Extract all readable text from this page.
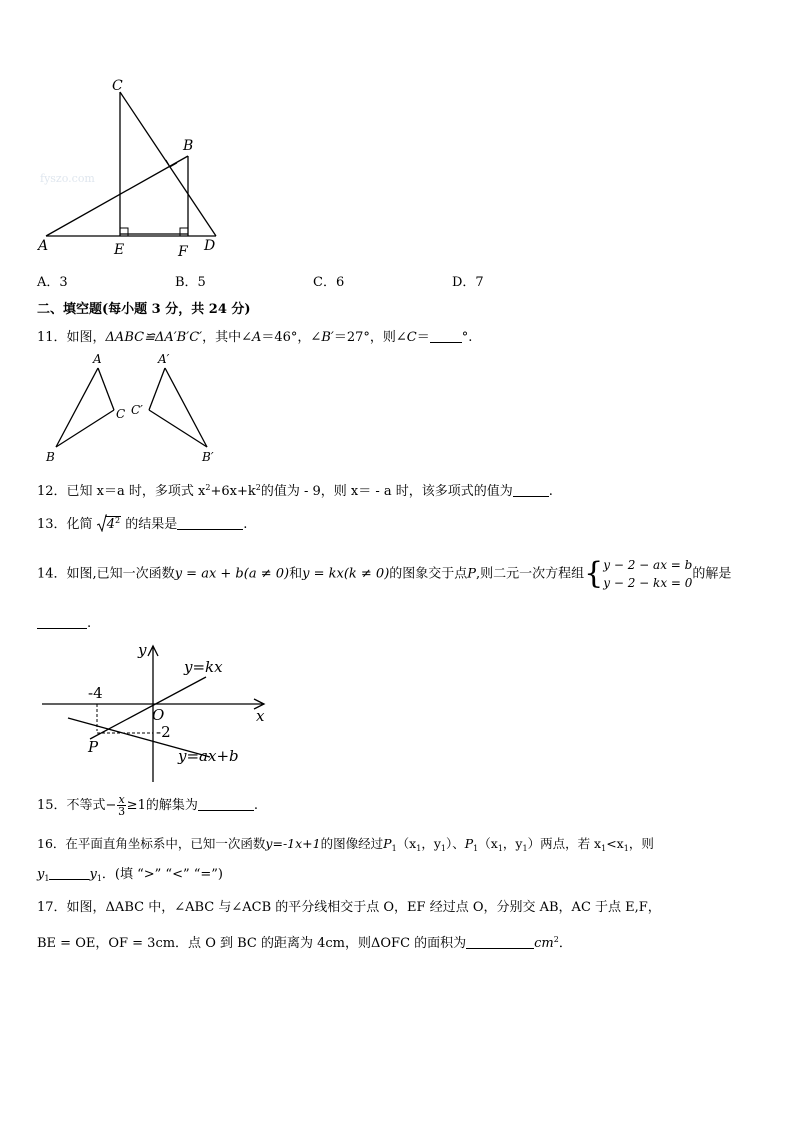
fyszo.com
C
B
A	E	F D
A．3	B．5	C．6	D．7
二、填空题(每小题 3 分，共 24 分)
11．如图，ΔABC≌ΔA′B′C′，其中∠A＝46°，∠B′＝27°，则∠C＝ °.
A
C
B
A′
C′
B′
12．已知 x＝a 时，多项式 $x^2+6x+k^2$的值为 - 9，则 x＝ - a 时，该多项式的值为	.
13．化简 $4^2$ 的结果是	.
14．如图,已知一次函数y = ax + b(a ≠ 0)和y = kx(k ≠ 0)的图象交于点P,则二元一次方程组{ y − 2 − ax = b
y − 2 − kx = 0
的解是
.
y
x
O
P
-4
-2
y=kx
y=ax+b
15．不等式− $\frac{x}{3} \ge 1$的解集为	.
16．在平面直角坐标系中，已知一次函数y=-1x+1的图像经过$P_1(x_1$，$y_1$）、$P_1(x_1$，$y_1$）两点，若 $x_1<x_1$，则
$y_1$	$y_1$．(填 “>” “<” “=”)
17．如图，ΔABC 中，∠ABC 与∠ACB 的平分线相交于点 O，EF 经过点 O，分别交 AB，AC 于点 E,F，
BE = OE，OF = 3cm．点 O 到 BC 的距离为 4cm，则ΔOFC 的面积为	$cm^2$．
